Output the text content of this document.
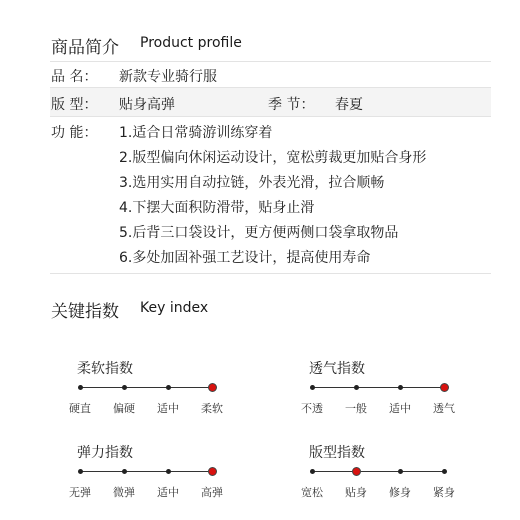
商品简介 Product profile
品 名： 新款专业骑行服
版 型： 贴身高弹	季 节： 春夏
功 能： 1.适合日常骑游训练穿着
2.版型偏向休闲运动设计，宽松剪裁更加贴合身形
3.选用实用自动拉链，外表光滑，拉合顺畅
4.下摆大面积防滑带，贴身止滑
5.后背三口袋设计，更方便两侧口袋拿取物品
6.多处加固补强工艺设计，提高使用寿命
关键指数 Key index
柔软指数
硬直	偏硬	适中	柔软
透气指数
不透	一般	适中	透气
弹力指数
无弹	微弹	适中	高弹
版型指数
宽松	贴身	修身	紧身
